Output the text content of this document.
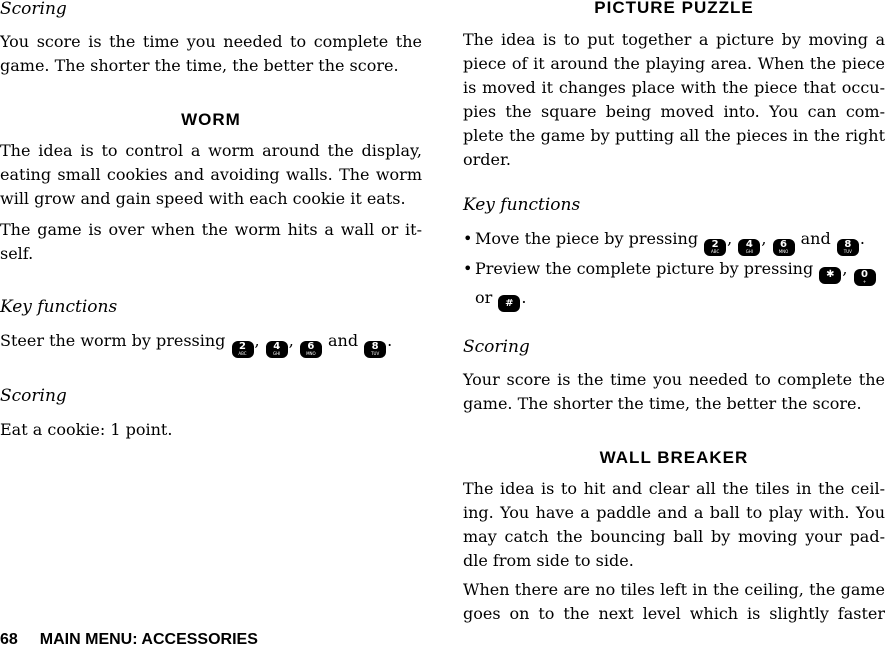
Scoring

You score is the time you needed to complete the game. The shorter the time, the better the score.

WORM

The idea is to control a worm around the display, eating small cookies and avoiding walls. The worm will grow and gain speed with each cookie it eats.

The game is over when the worm hits a wall or it-self.

Key functions
Steer the worm by pressing 2
ABC
, 4
GHI
, 6
MNO
and 8
TUV
.
Scoring

Eat a cookie: 1 point.

PICTURE PUZZLE

The idea is to put together a picture by moving a piece of it around the playing area. When the piece is moved it changes place with the piece that occu-pies the square being moved into. You can com-plete the game by putting all the pieces in the right order.

Key functions
• Move the piece by pressing 2
ABC
, 4
GHI
, 6
MNO
and 8
TUV
.
• Preview the complete picture by pressing ✱ , 0
+

or # .
Scoring

Your score is the time you needed to complete the game. The shorter the time, the better the score.

WALL BREAKER

The idea is to hit and clear all the tiles in the ceil-ing. You have a paddle and a ball to play with. You may catch the bouncing ball by moving your pad-dle from side to side.

When there are no tiles left in the ceiling, the game goes on to the next level which is slightly faster

68 MAIN MENU: ACCESSORIES
